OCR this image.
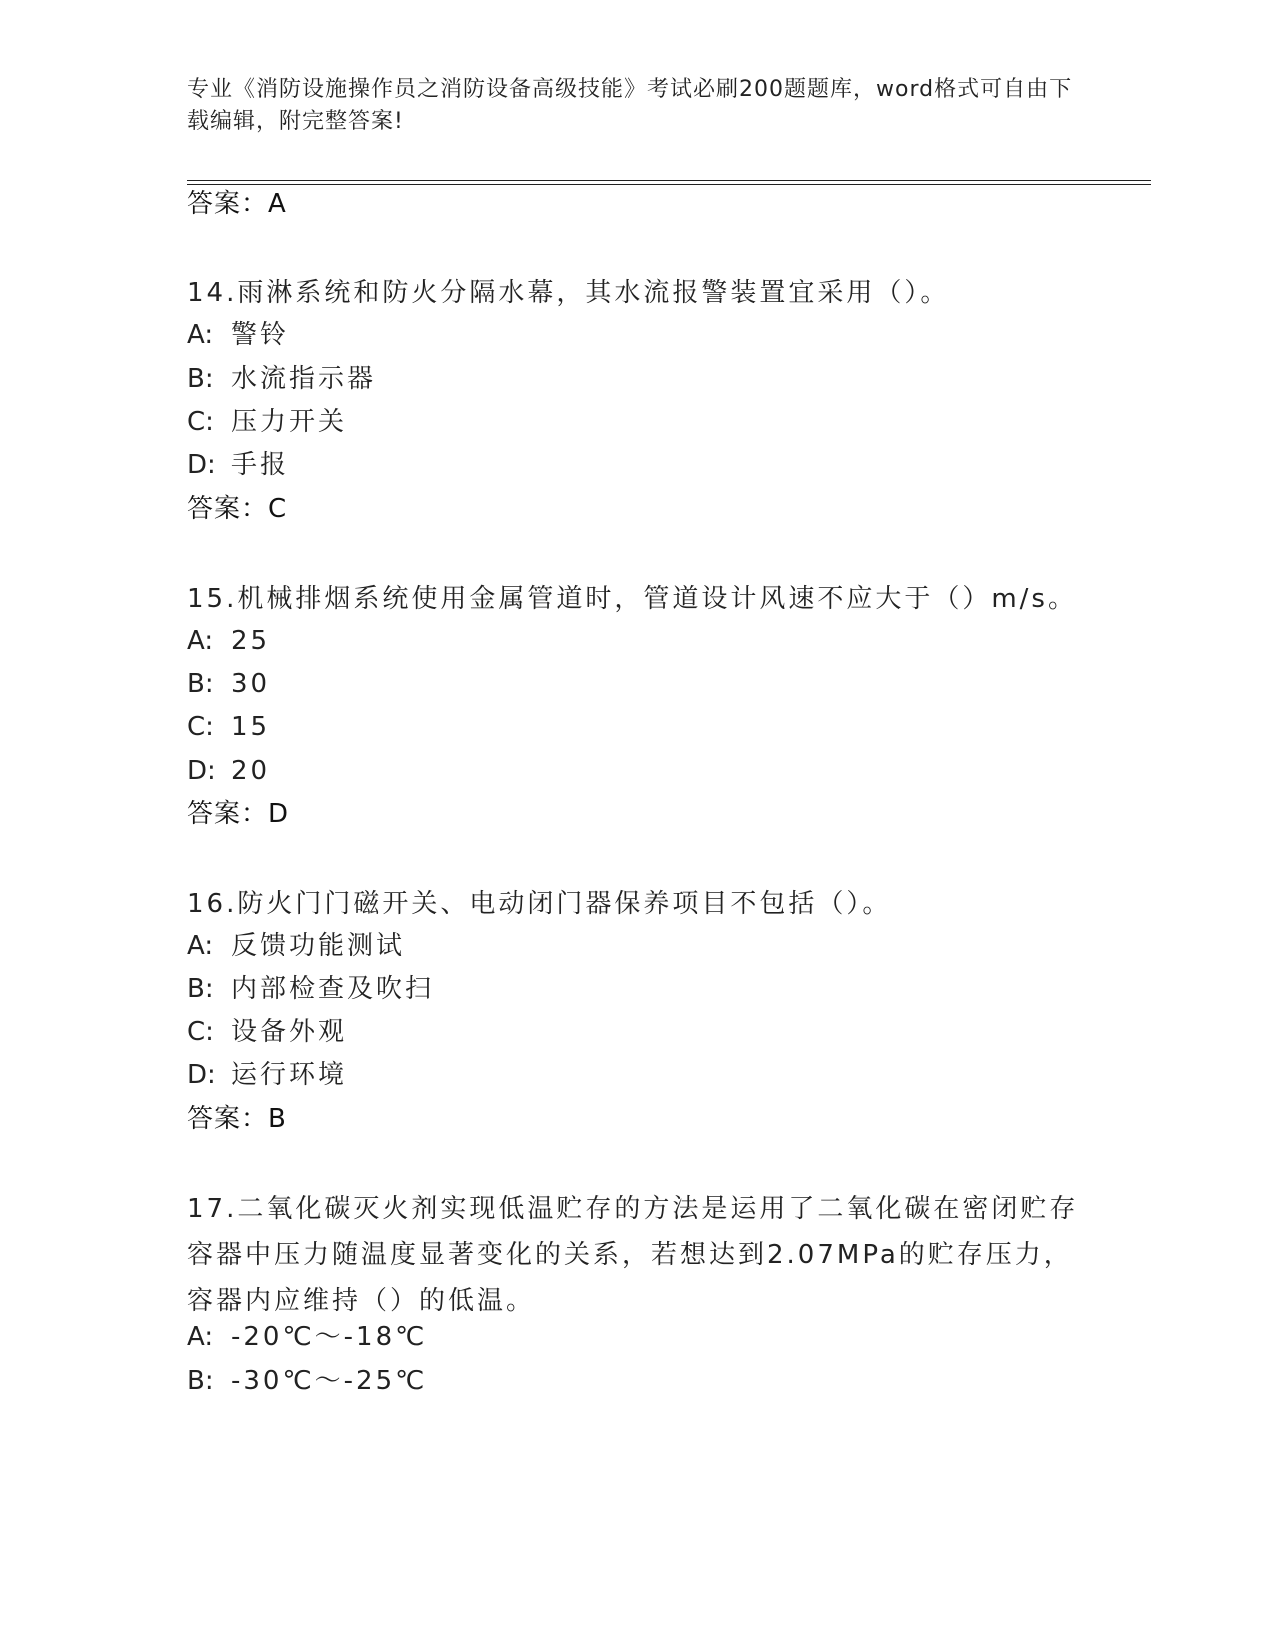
专业《消防设施操作员之消防设备高级技能》考试必刷200题题库，word格式可自由下载编辑，附完整答案!
答案：A
14.雨淋系统和防火分隔水幕，其水流报警装置宜采用（）。
A: 警铃
B: 水流指示器
C: 压力开关
D: 手报
答案：C
15.机械排烟系统使用金属管道时，管道设计风速不应大于（）m/s。
A: 25
B: 30
C: 15
D: 20
答案：D
16.防火门门磁开关、电动闭门器保养项目不包括（）。
A: 反馈功能测试
B: 内部检查及吹扫
C: 设备外观
D: 运行环境
答案：B
17.二氧化碳灭火剂实现低温贮存的方法是运用了二氧化碳在密闭贮存容器中压力随温度显著变化的关系，若想达到2.07MPa的贮存压力，容器内应维持（）的低温。
A: -20℃～-18℃
B: -30℃～-25℃
